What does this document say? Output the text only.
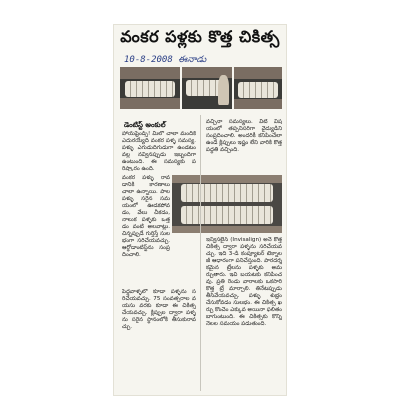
వంకర పళ్లకు కొత్త చికిత్స
10-8-2008 ఈనాడు
డెంటిస్ట్ అంకుల్
హాయ్‌ఫ్రెండ్స్! మీలో చాలా మందికి ఎదురయ్యేది వంకర పళ్ళ సమస్య. పళ్ళు ఎగుడుదిగుడుగా ఉండటం వల్ల నవ్వినప్పుడు ఇబ్బందిగా ఉంటుంది. ఈ సమస్యకు పరిష్కారం ఉంది.
వంకర పళ్ళు రావడానికి కారణాలు చాలా ఉన్నాయి. పాల పళ్ళు సరైన సమయంలో ఊడకపోవడం, వేలు చీకడం, నాలుక పళ్ళకు ఒత్తడం వంటి అలవాట్లు. చిన్నప్పుడే గుర్తిస్తే సులభంగా సరిచేయవచ్చు. ఆర్థోడాంటిస్ట్‌ను సంప్రదించాలి.
పెద్దవాళ్ళలో కూడా పళ్ళను సరిచేయవచ్చు. 75 సంవత్సరాల వయసు వరకు కూడా ఈ చికిత్స చేయవచ్చు. క్లిప్పుల ద్వారా పళ్ళను సరైన స్థానంలోకి తీసుకురావచ్చు.
వచ్చినా సమస్యలు. వీటి విషయంలో తప్పనిసరిగా వైద్యుడిని సంప్రదించాలి. అందరికీ కనిపించేలా ఉండే క్లిప్పులు ఇష్టం లేని వారికి కొత్త పద్ధతి వచ్చింది.
ఇన్విసలైన్ (Invisalign) అనే కొత్త చికిత్స ద్వారా పళ్ళను సరిచేయవచ్చు. ఇది 3-డి కంప్యూటర్ టెక్నాలజీ ఆధారంగా పనిచేస్తుంది. పారదర్శకమైన ట్రేలను పళ్ళకు అమర్చుతారు. ఇవి బయటకు కనిపించవు. ప్రతి రెండు వారాలకు ఒకసారి కొత్త ట్రే మార్చాలి. తినేటప్పుడు తీసివేయవచ్చు. పళ్ళు శుభ్రం చేసుకోవడం సులభం. ఈ చికిత్స ఖర్చు కొంచెం ఎక్కువ అయినా ఫలితం బాగుంటుంది. ఈ చికిత్సకు కొన్ని నెలల సమయం పడుతుంది.
